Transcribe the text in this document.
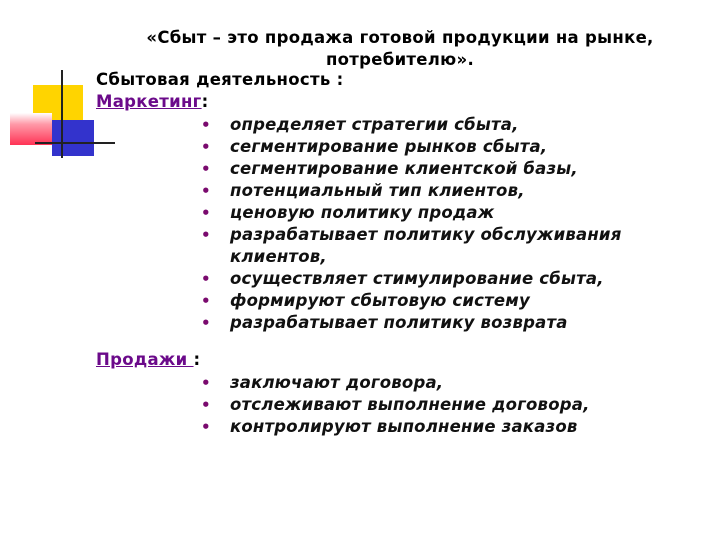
«Сбыт – это продажа готовой продукции на рынке,
потребителю».
Сбытовая деятельность :
Маркетинг:
• определяет стратегии сбыта,
• сегментирование рынков сбыта,
• сегментирование клиентской базы,
• потенциальный тип клиентов,
• ценовую политику продаж
• разрабатывает политику обслуживания клиентов,
• осуществляет стимулирование сбыта,
• формируют сбытовую систему
• разрабатывает политику возврата
Продажи :
• заключают договора,
• отслеживают выполнение договора,
• контролируют выполнение заказов
